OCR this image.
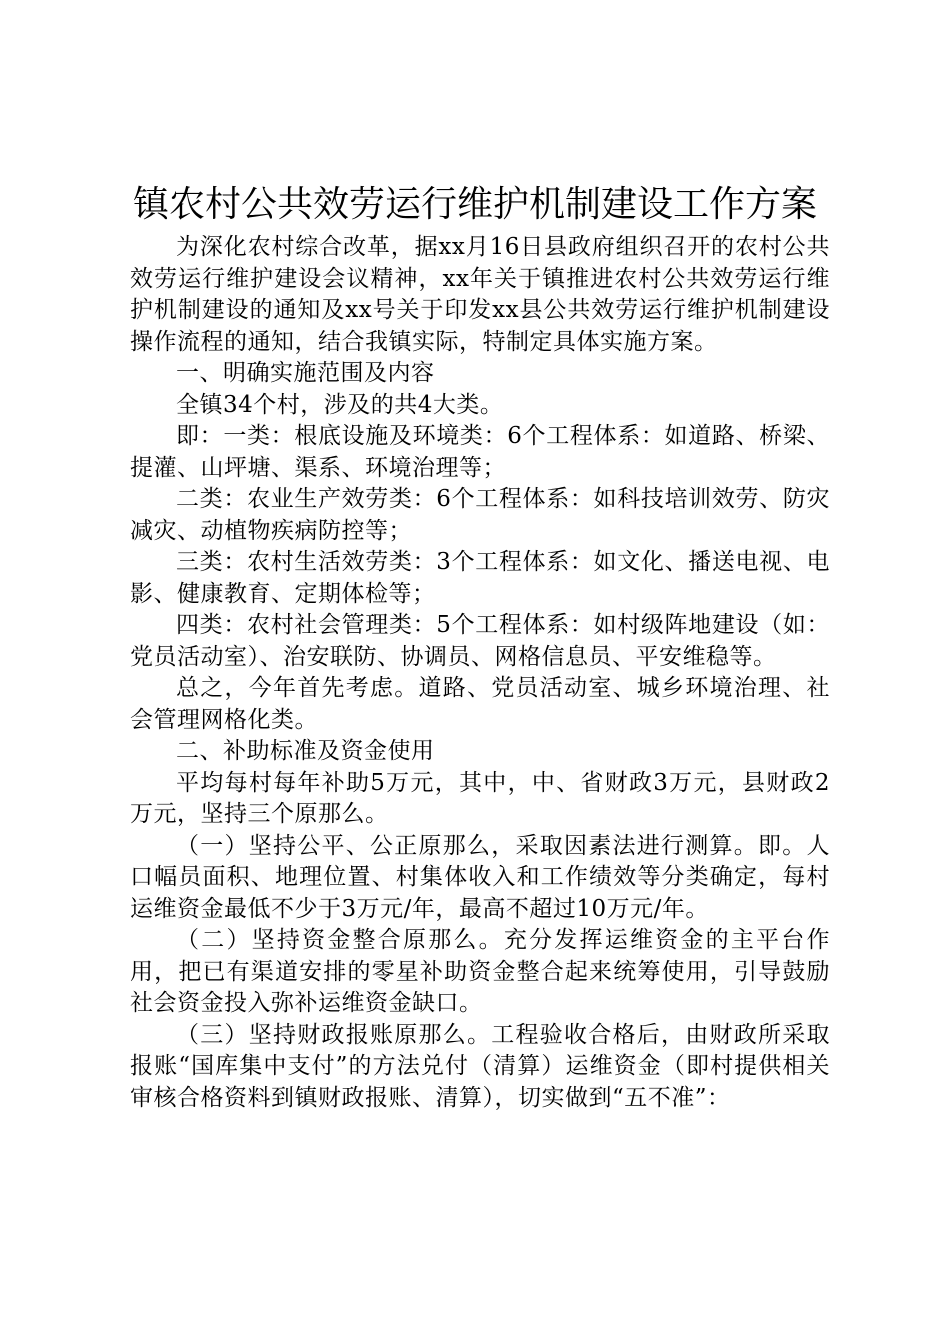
镇农村公共效劳运行维护机制建设工作方案

为深化农村综合改革，据xx月16日县政府组织召开的农村公共效劳运行维护建设会议精神，xx年关于镇推进农村公共效劳运行维护机制建设的通知及xx号关于印发xx县公共效劳运行维护机制建设操作流程的通知，结合我镇实际，特制定具体实施方案。

一、明确实施范围及内容

全镇34个村，涉及的共4大类。

即：一类：根底设施及环境类：6个工程体系：如道路、桥梁、提灌、山坪塘、渠系、环境治理等；

二类：农业生产效劳类：6个工程体系：如科技培训效劳、防灾减灾、动植物疾病防控等；

三类：农村生活效劳类：3个工程体系：如文化、播送电视、电影、健康教育、定期体检等；

四类：农村社会管理类：5个工程体系：如村级阵地建设（如：党员活动室）、治安联防、协调员、网格信息员、平安维稳等。

总之，今年首先考虑。道路、党员活动室、城乡环境治理、社会管理网格化类。

二、补助标准及资金使用

平均每村每年补助5万元，其中，中、省财政3万元，县财政2万元，坚持三个原那么。

（一）坚持公平、公正原那么，采取因素法进行测算。即。人口幅员面积、地理位置、村集体收入和工作绩效等分类确定，每村运维资金最低不少于3万元/年，最高不超过10万元/年。

（二）坚持资金整合原那么。充分发挥运维资金的主平台作用，把已有渠道安排的零星补助资金整合起来统筹使用，引导鼓励社会资金投入弥补运维资金缺口。

（三）坚持财政报账原那么。工程验收合格后，由财政所采取报账“国库集中支付”的方法兑付（清算）运维资金（即村提供相关审核合格资料到镇财政报账、清算），切实做到“五不准”：
